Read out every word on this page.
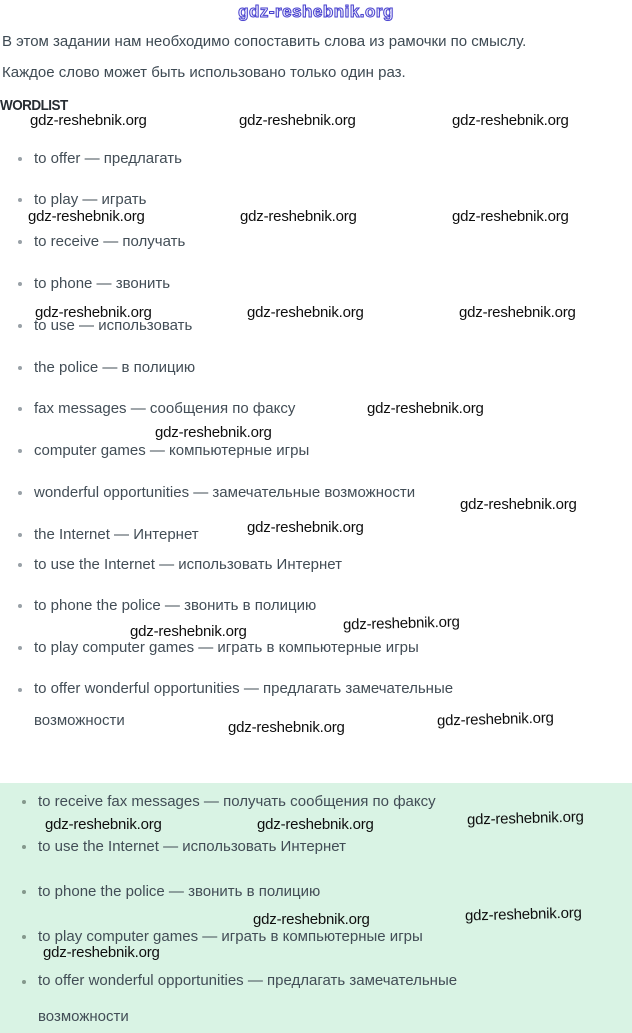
gdz-reshebnik.org

В этом задании нам необходимо сопоставить слова из рамочки по смыслу.

Каждое слово может быть использовано только один раз.

WORDLIST
gdz-reshebnik.org	gdz-reshebnik.org	gdz-reshebnik.org
gdz-reshebnik.org	gdz-reshebnik.org	gdz-reshebnik.org
gdz-reshebnik.org	gdz-reshebnik.org	gdz-reshebnik.org
gdz-reshebnik.org
gdz-reshebnik.org
gdz-reshebnik.org
gdz-reshebnik.org
gdz-reshebnik.org
gdz-reshebnik.org
gdz-reshebnik.org
gdz-reshebnik.org
to offer — предлагать
to play — играть
to receive — получать
to phone — звонить
to use — использовать
the police — в полицию
fax messages — сообщения по факсу
computer games — компьютерные игры
wonderful opportunities — замечательные возможности
the Internet — Интернет
to use the Internet — использовать Интернет
to phone the police — звонить в полицию
to play computer games — играть в компьютерные игры
to offer wonderful opportunities — предлагать замечательные возможности
to receive fax messages — получать сообщения по факсу
to use the Internet — использовать Интернет
to phone the police — звонить в полицию
to play computer games — играть в компьютерные игры
to offer wonderful opportunities — предлагать замечательные возможности
gdz-reshebnik.org	gdz-reshebnik.org	gdz-reshebnik.org
gdz-reshebnik.org
gdz-reshebnik.org
gdz-reshebnik.org
